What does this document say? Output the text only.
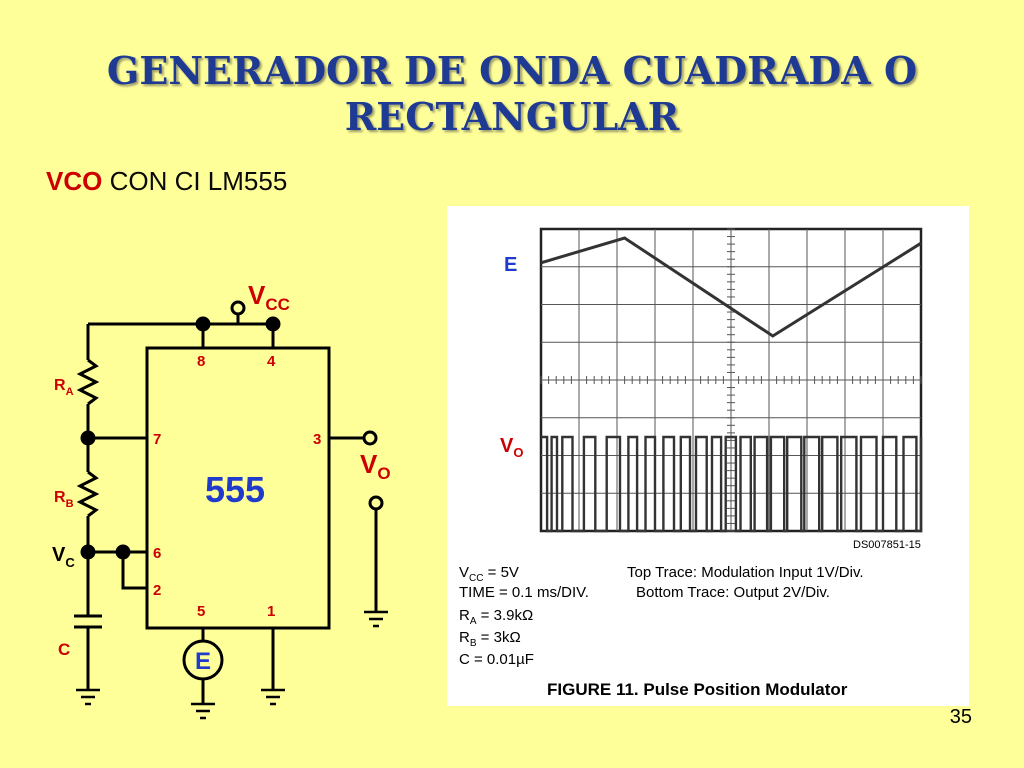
GENERADOR DE ONDA CUADRADA O
RECTANGULAR
VCO CON CI LM555
555
$V_{CC}$
$V_O$
$R_A$
$R_B$
$V_C$
C	E
8	4
7	3
6
2
5	1
E
$V_O$
DS007851-15
$V_{CC} = 5V$
TIME = 0.1 ms/DIV.
$R_A = 3.9k\Omega$
$R_B = 3k\Omega$
C = 0.01µF
Top Trace: Modulation Input 1V/Div.
Bottom Trace: Output 2V/Div.
FIGURE 11. Pulse Position Modulator
35
